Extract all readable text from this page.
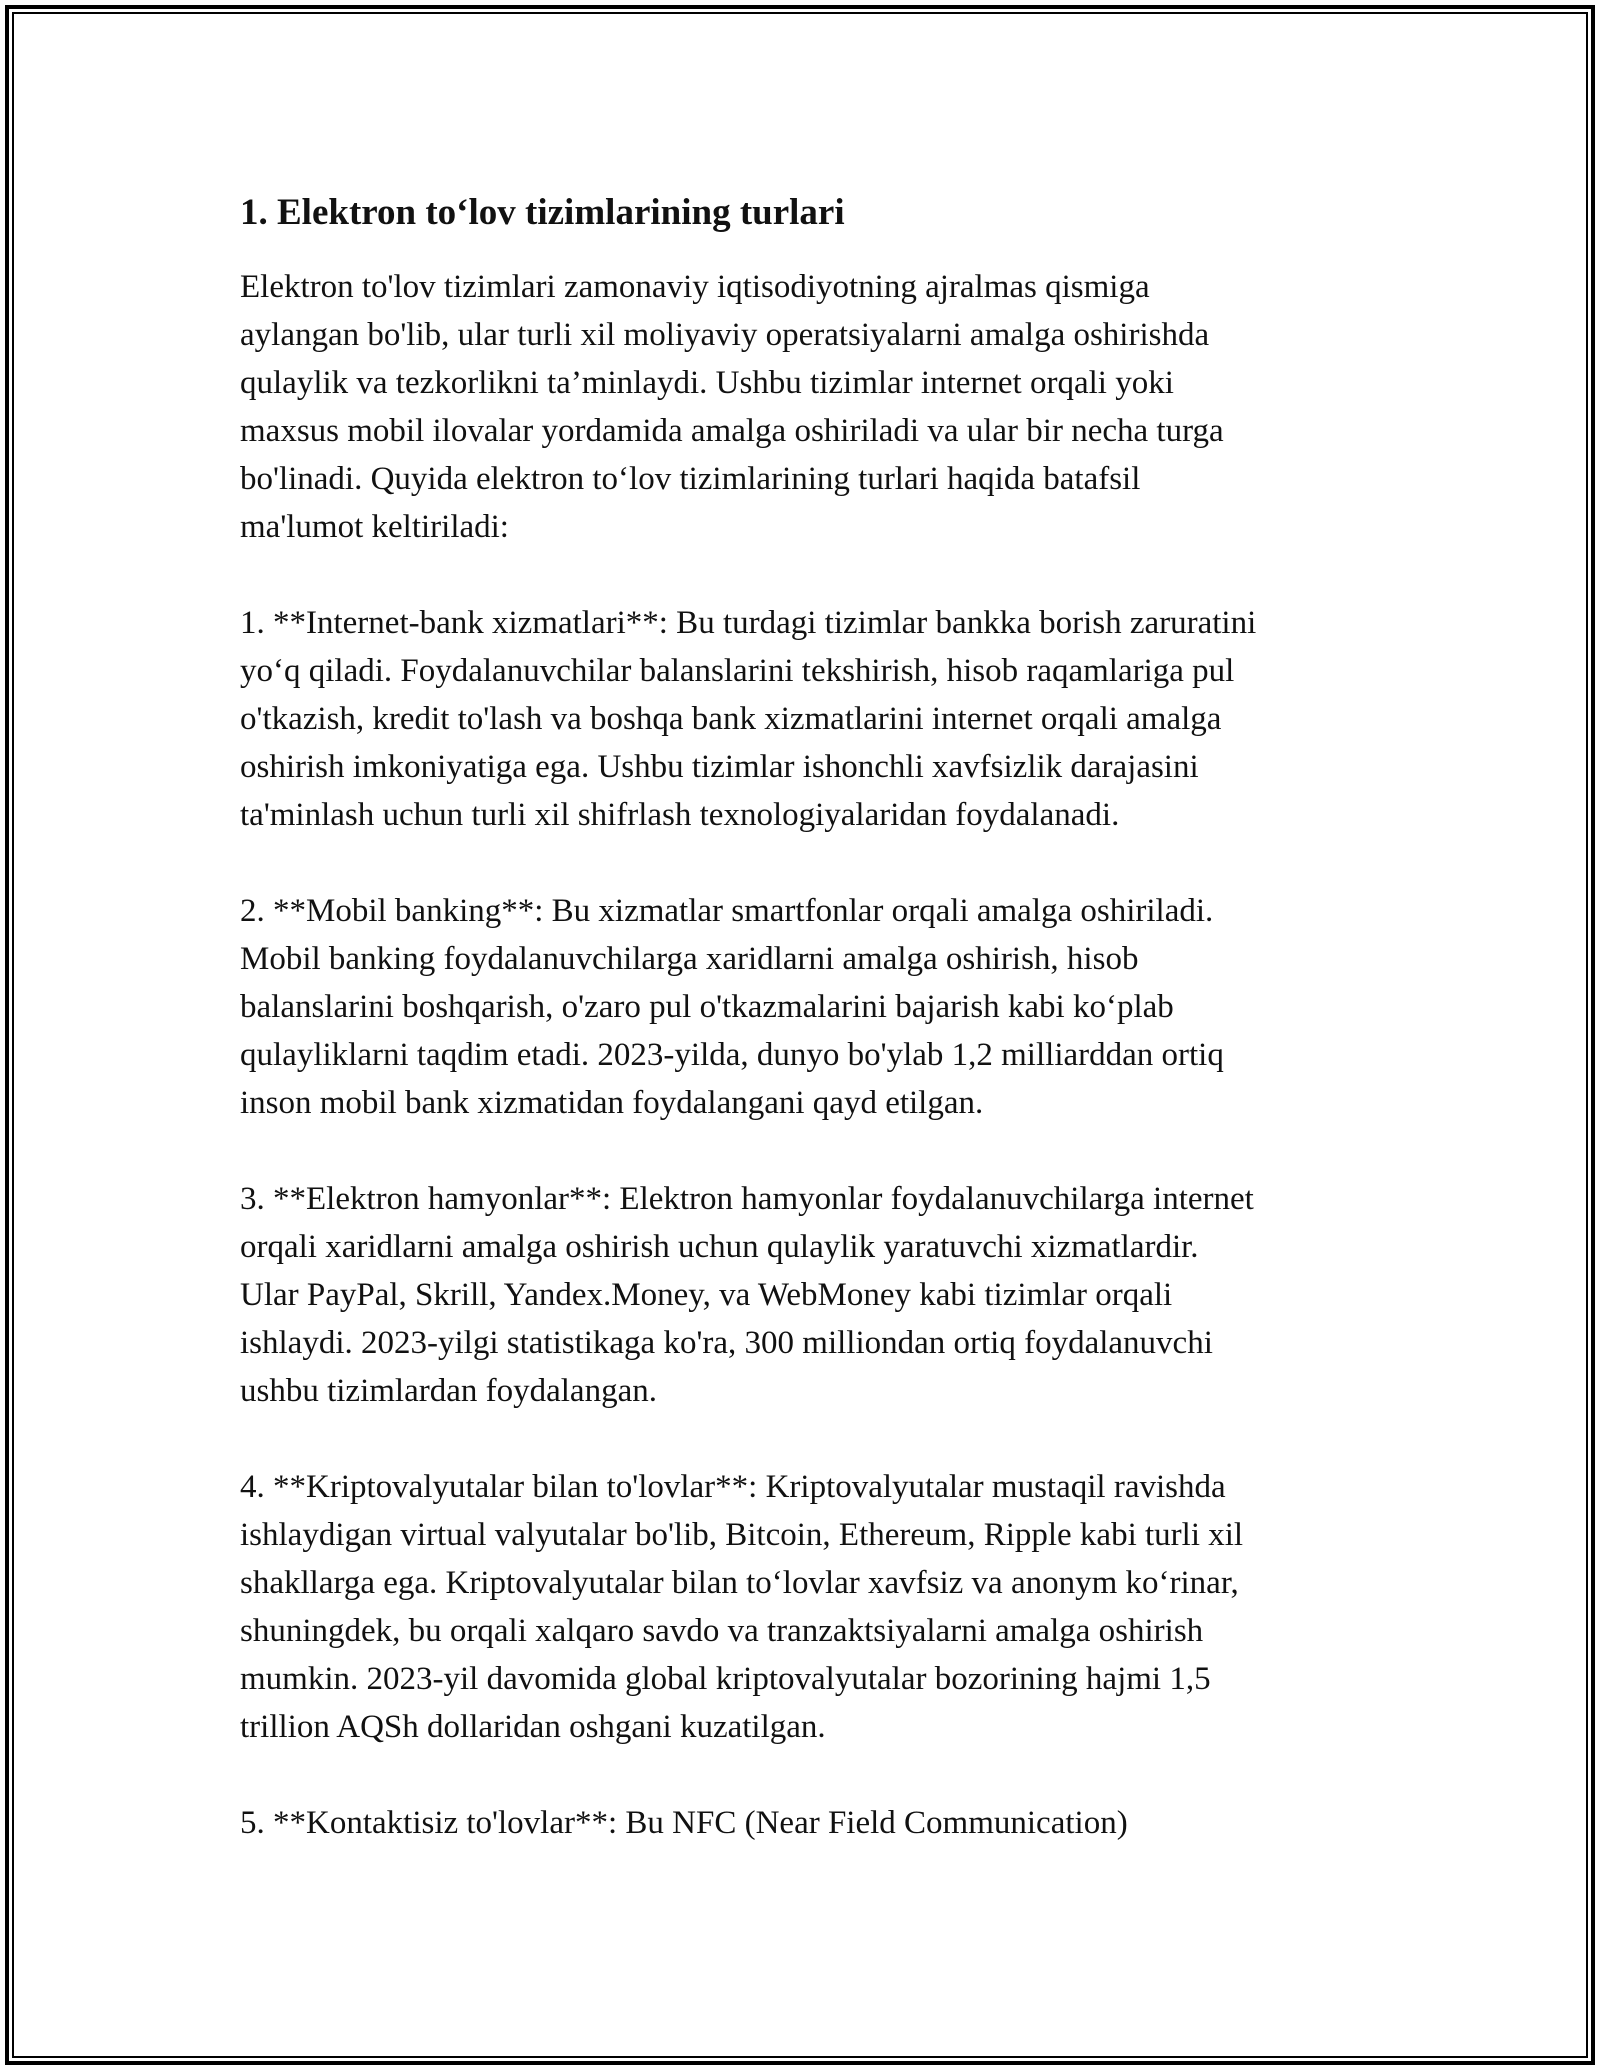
1. Elektron to‘lov tizimlarining turlari

Elektron to'lov tizimlari zamonaviy iqtisodiyotning ajralmas qismiga
aylangan bo'lib, ular turli xil moliyaviy operatsiyalarni amalga oshirishda
qulaylik va tezkorlikni ta’minlaydi. Ushbu tizimlar internet orqali yoki
maxsus mobil ilovalar yordamida amalga oshiriladi va ular bir necha turga
bo'linadi. Quyida elektron to‘lov tizimlarining turlari haqida batafsil
ma'lumot keltiriladi:

1. **Internet-bank xizmatlari**: Bu turdagi tizimlar bankka borish zaruratini
yo‘q qiladi. Foydalanuvchilar balanslarini tekshirish, hisob raqamlariga pul
o'tkazish, kredit to'lash va boshqa bank xizmatlarini internet orqali amalga
oshirish imkoniyatiga ega. Ushbu tizimlar ishonchli xavfsizlik darajasini
ta'minlash uchun turli xil shifrlash texnologiyalaridan foydalanadi.

2. **Mobil banking**: Bu xizmatlar smartfonlar orqali amalga oshiriladi.
Mobil banking foydalanuvchilarga xaridlarni amalga oshirish, hisob
balanslarini boshqarish, o'zaro pul o'tkazmalarini bajarish kabi ko‘plab
qulayliklarni taqdim etadi. 2023-yilda, dunyo bo'ylab 1,2 milliarddan ortiq
inson mobil bank xizmatidan foydalangani qayd etilgan.

3. **Elektron hamyonlar**: Elektron hamyonlar foydalanuvchilarga internet
orqali xaridlarni amalga oshirish uchun qulaylik yaratuvchi xizmatlardir.
Ular PayPal, Skrill, Yandex.Money, va WebMoney kabi tizimlar orqali
ishlaydi. 2023-yilgi statistikaga ko'ra, 300 milliondan ortiq foydalanuvchi
ushbu tizimlardan foydalangan.

4. **Kriptovalyutalar bilan to'lovlar**: Kriptovalyutalar mustaqil ravishda
ishlaydigan virtual valyutalar bo'lib, Bitcoin, Ethereum, Ripple kabi turli xil
shakllarga ega. Kriptovalyutalar bilan to‘lovlar xavfsiz va anonym ko‘rinar,
shuningdek, bu orqali xalqaro savdo va tranzaktsiyalarni amalga oshirish
mumkin. 2023-yil davomida global kriptovalyutalar bozorining hajmi 1,5
trillion AQSh dollaridan oshgani kuzatilgan.

5. **Kontaktisiz to'lovlar**: Bu NFC (Near Field Communication)
